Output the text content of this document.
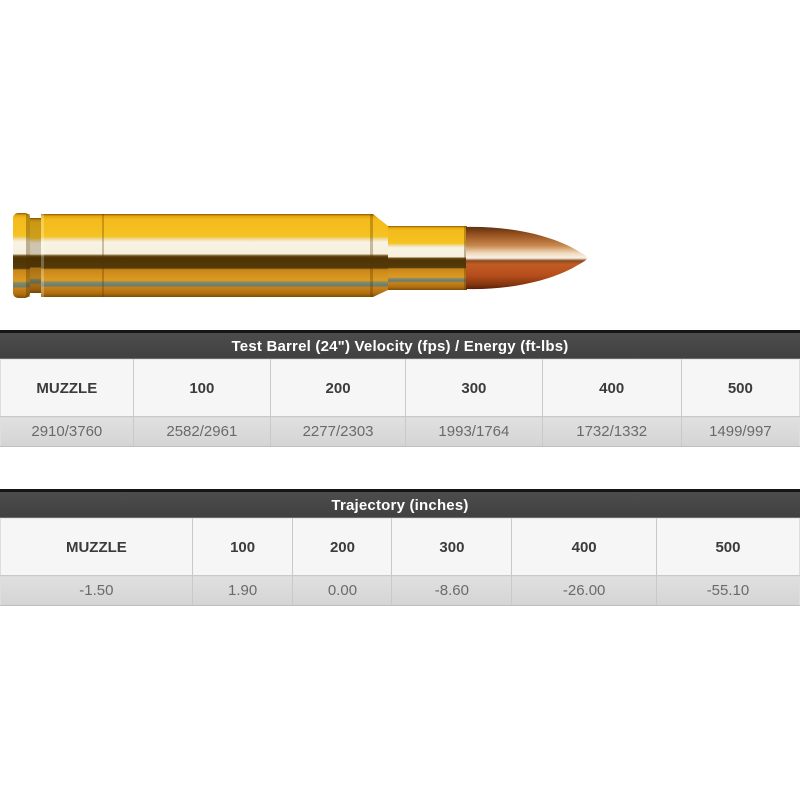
Test Barrel (24") Velocity (fps) / Energy (ft-lbs)
MUZZLE	100	200	300	400	500
2910/3760	2582/2961	2277/2303	1993/1764	1732/1332	1499/997
Trajectory (inches)
MUZZLE	100	200	300	400	500
-1.50	1.90	0.00	-8.60	-26.00	-55.10
